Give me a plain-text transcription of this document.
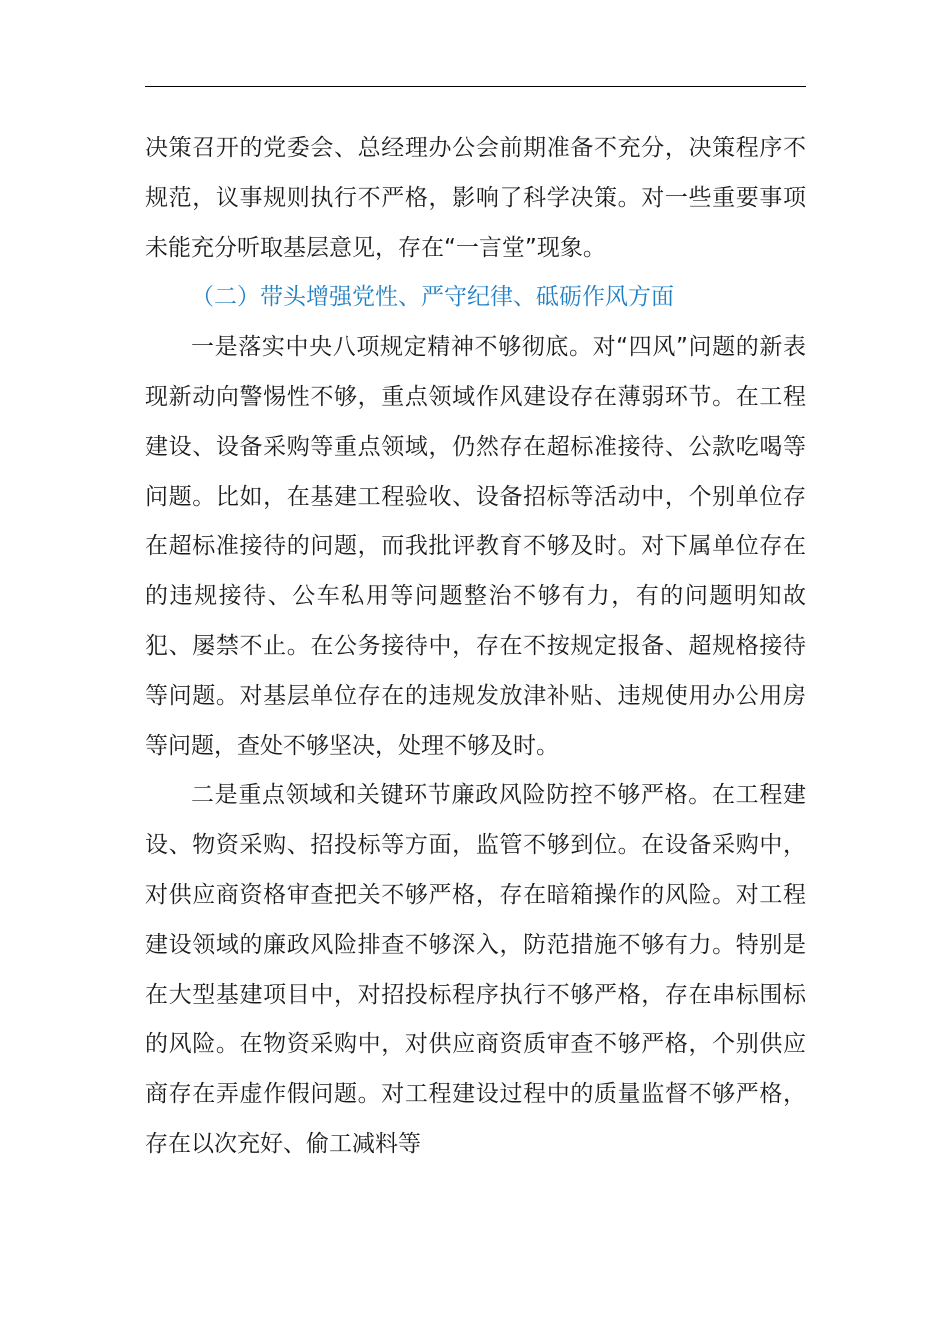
决策召开的党委会、总经理办公会前期准备不充分，决策程序不规范，议事规则执行不严格，影响了科学决策。对一些重要事项未能充分听取基层意见，存在“一言堂”现象。

（二）带头增强党性、严守纪律、砥砺作风方面

一是落实中央八项规定精神不够彻底。对“四风”问题的新表现新动向警惕性不够，重点领域作风建设存在薄弱环节。在工程建设、设备采购等重点领域，仍然存在超标准接待、公款吃喝等问题。比如，在基建工程验收、设备招标等活动中，个别单位存在超标准接待的问题，而我批评教育不够及时。对下属单位存在的违规接待、公车私用等问题整治不够有力，有的问题明知故犯、屡禁不止。在公务接待中，存在不按规定报备、超规格接待等问题。对基层单位存在的违规发放津补贴、违规使用办公用房等问题，查处不够坚决，处理不够及时。

二是重点领域和关键环节廉政风险防控不够严格。在工程建设、物资采购、招投标等方面，监管不够到位。在设备采购中，对供应商资格审查把关不够严格，存在暗箱操作的风险。对工程建设领域的廉政风险排查不够深入，防范措施不够有力。特别是在大型基建项目中，对招投标程序执行不够严格，存在串标围标的风险。在物资采购中，对供应商资质审查不够严格，个别供应商存在弄虚作假问题。对工程建设过程中的质量监督不够严格，存在以次充好、偷工减料等
